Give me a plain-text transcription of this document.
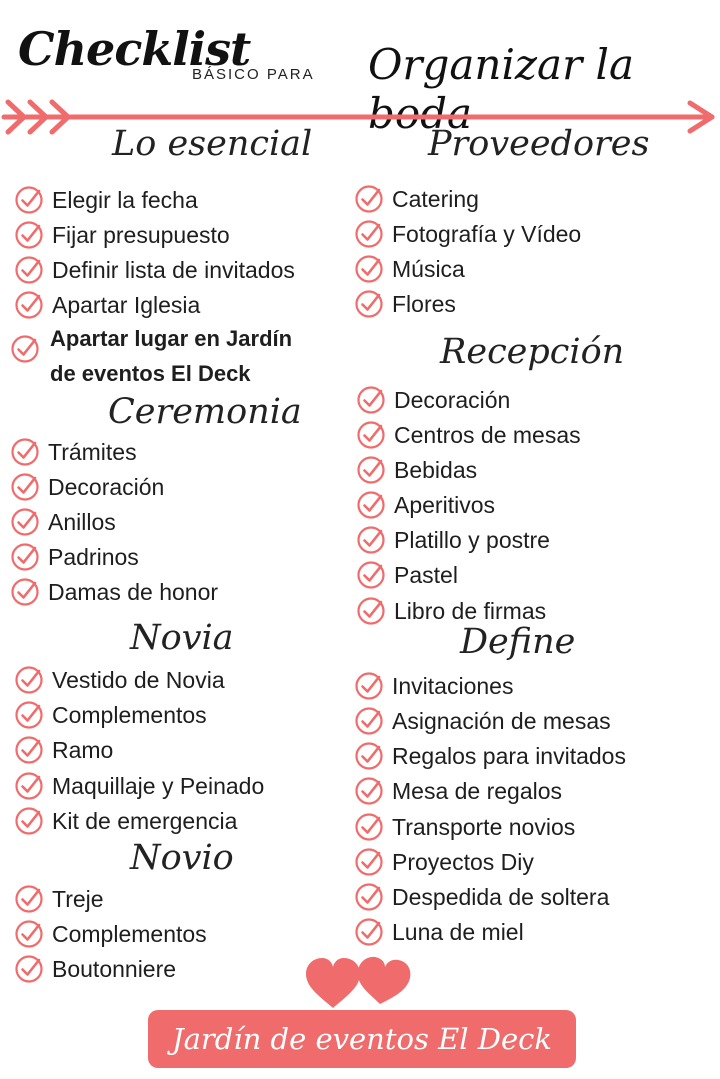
Checklist
BÁSICO PARA Organizar la boda
Lo esencial
Ceremonia
Novia
Novio
Proveedores
Recepción
Define
Elegir la fecha
Fijar presupuesto
Definir lista de invitados
Apartar Iglesia
Apartar lugar en Jardín
de eventos El Deck
Trámites
Decoración
Anillos
Padrinos
Damas de honor
Vestido de Novia
Complementos
Ramo
Maquillaje y Peinado
Kit de emergencia
Treje
Complementos
Boutonniere
Catering
Fotografía y Vídeo
Música
Flores
Decoración
Centros de mesas
Bebidas
Aperitivos
Platillo y postre
Pastel
Libro de firmas
Invitaciones
Asignación de mesas
Regalos para invitados
Mesa de regalos
Transporte novios
Proyectos Diy
Despedida de soltera
Luna de miel
Jardín de eventos El Deck
